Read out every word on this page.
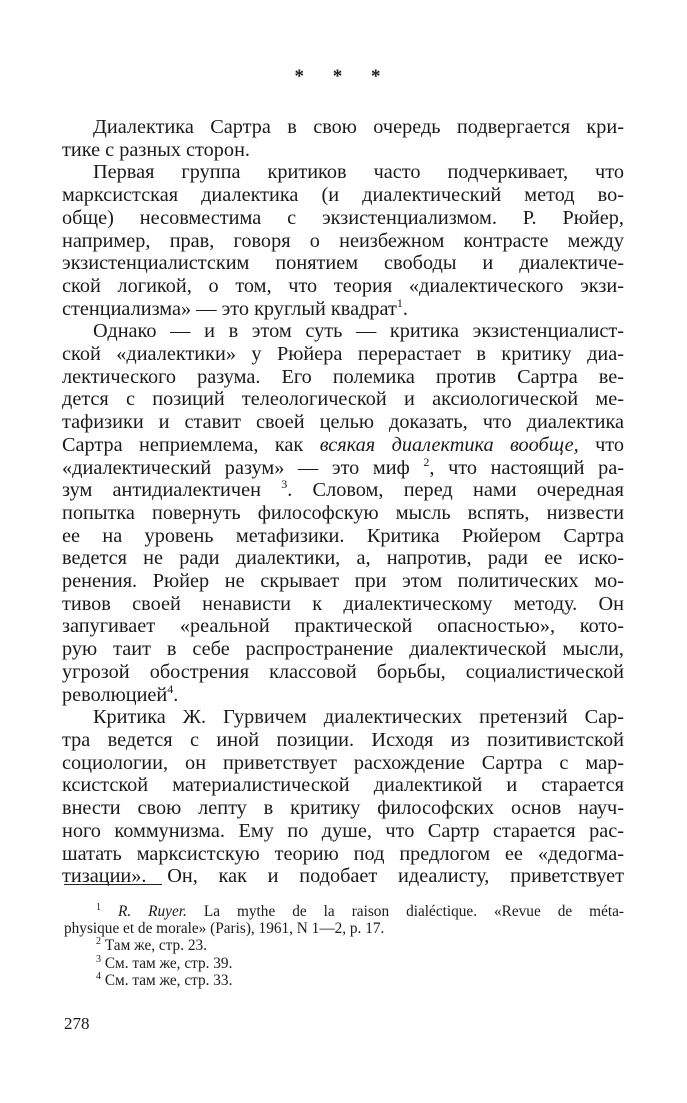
* * *
Диалектика Сартра в свою очередь подвергается кри-
тике с разных сторон.
Первая группа критиков часто подчеркивает, что
марксистская диалектика (и диалектический метод во-
обще) несовместима с экзистенциализмом. Р. Рюйер,
например, прав, говоря о неизбежном контрасте между
экзистенциалистским понятием свободы и диалектиче-
ской логикой, о том, что теория «диалектического экзи-
стенциализма» — это круглый квадрат$^1$.
Однако — и в этом суть — критика экзистенциалист-
ской «диалектики» у Рюйера перерастает в критику диа-
лектического разума. Его полемика против Сартра ве-
дется с позиций телеологической и аксиологической ме-
тафизики и ставит своей целью доказать, что диалектика
Сартра неприемлема, как всякая диалектика вообще, что
«диалектический разум» — это миф $^2$, что настоящий ра-
зум антидиалектичен $^3$. Словом, перед нами очередная
попытка повернуть философскую мысль вспять, низвести
ее на уровень метафизики. Критика Рюйером Сартра
ведется не ради диалектики, а, напротив, ради ее иско-
ренения. Рюйер не скрывает при этом политических мо-
тивов своей ненависти к диалектическому методу. Он
запугивает «реальной практической опасностью», кото-
рую таит в себе распространение диалектической мысли,
угрозой обострения классовой борьбы, социалистической
революцией$^4$.
Критика Ж. Гурвичем диалектических претензий Сар-
тра ведется с иной позиции. Исходя из позитивистской
социологии, он приветствует расхождение Сартра с мар-
ксистской материалистической диалектикой и старается
внести свою лепту в критику философских основ науч-
ного коммунизма. Ему по душе, что Сартр старается рас-
шатать марксистскую теорию под предлогом ее «дедогма-
тизации». Он, как и подобает идеалисту, приветствует
$^1$ R. Ruyer. La mythe de la raison dialéctique. «Revue de méta-
physique et de morale» (Paris), 1961, N 1—2, p. 17.
$^2$ Там же, стр. 23.
$^3$ См. там же, стр. 39.
$^4$ См. там же, стр. 33.
278
